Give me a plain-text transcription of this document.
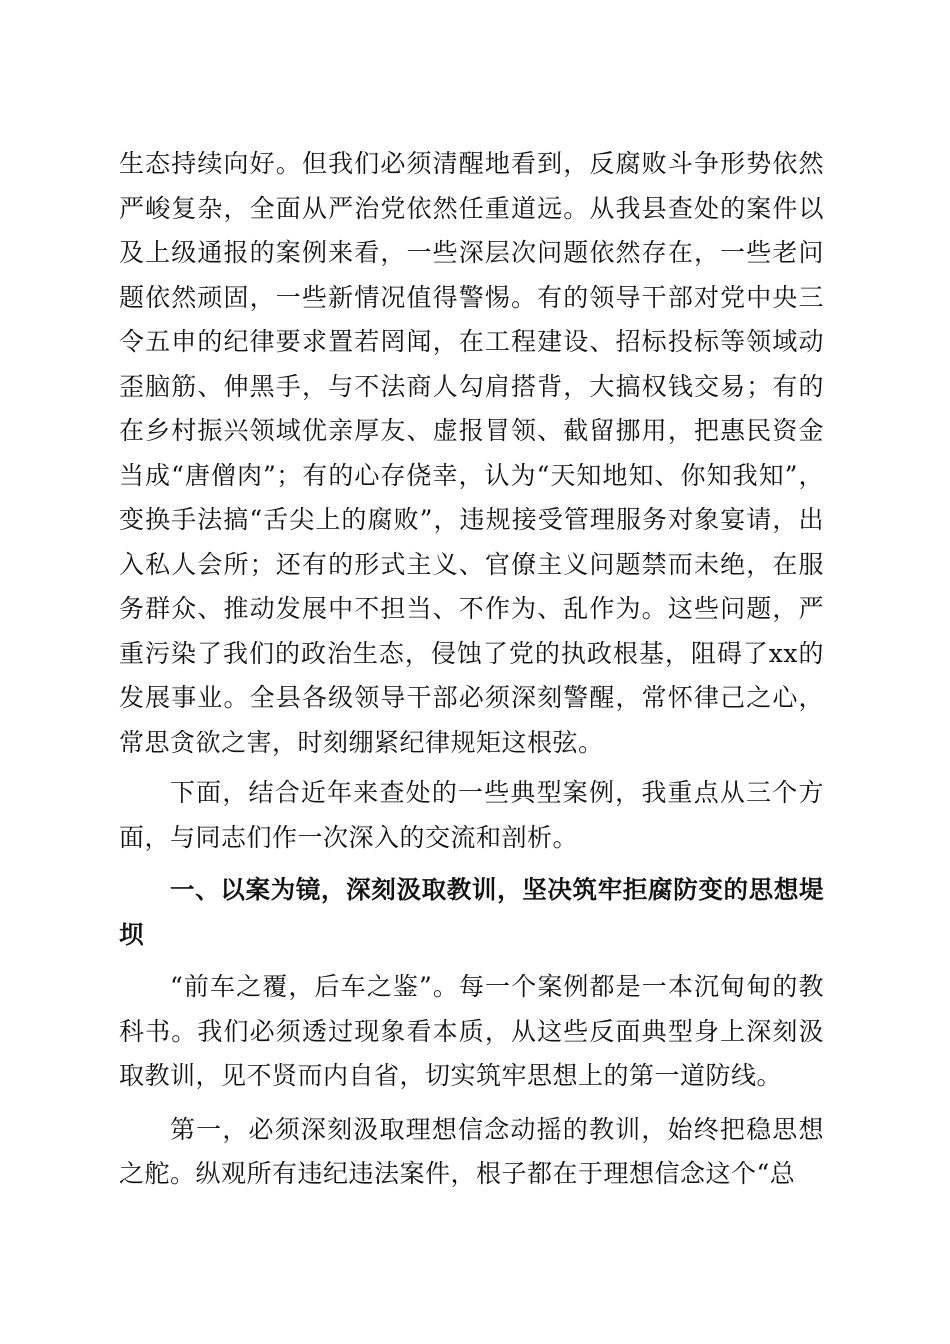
生态持续向好。但我们必须清醒地看到，反腐败斗争形势依然严峻复杂，全面从严治党依然任重道远。从我县查处的案件以及上级通报的案例来看，一些深层次问题依然存在，一些老问题依然顽固，一些新情况值得警惕。有的领导干部对党中央三令五申的纪律要求置若罔闻，在工程建设、招标投标等领域动歪脑筋、伸黑手，与不法商人勾肩搭背，大搞权钱交易；有的在乡村振兴领域优亲厚友、虚报冒领、截留挪用，把惠民资金当成“唐僧肉”；有的心存侥幸，认为“天知地知、你知我知”，变换手法搞“舌尖上的腐败”，违规接受管理服务对象宴请，出入私人会所；还有的形式主义、官僚主义问题禁而未绝，在服务群众、推动发展中不担当、不作为、乱作为。这些问题，严重污染了我们的政治生态，侵蚀了党的执政根基，阻碍了xx的发展事业。全县各级领导干部必须深刻警醒，常怀律己之心，常思贪欲之害，时刻绷紧纪律规矩这根弦。

下面，结合近年来查处的一些典型案例，我重点从三个方面，与同志们作一次深入的交流和剖析。

一、以案为镜，深刻汲取教训，坚决筑牢拒腐防变的思想堤坝

“前车之覆，后车之鉴”。每一个案例都是一本沉甸甸的教科书。我们必须透过现象看本质，从这些反面典型身上深刻汲取教训，见不贤而内自省，切实筑牢思想上的第一道防线。

第一，必须深刻汲取理想信念动摇的教训，始终把稳思想之舵。纵观所有违纪违法案件，根子都在于理想信念这个“总
